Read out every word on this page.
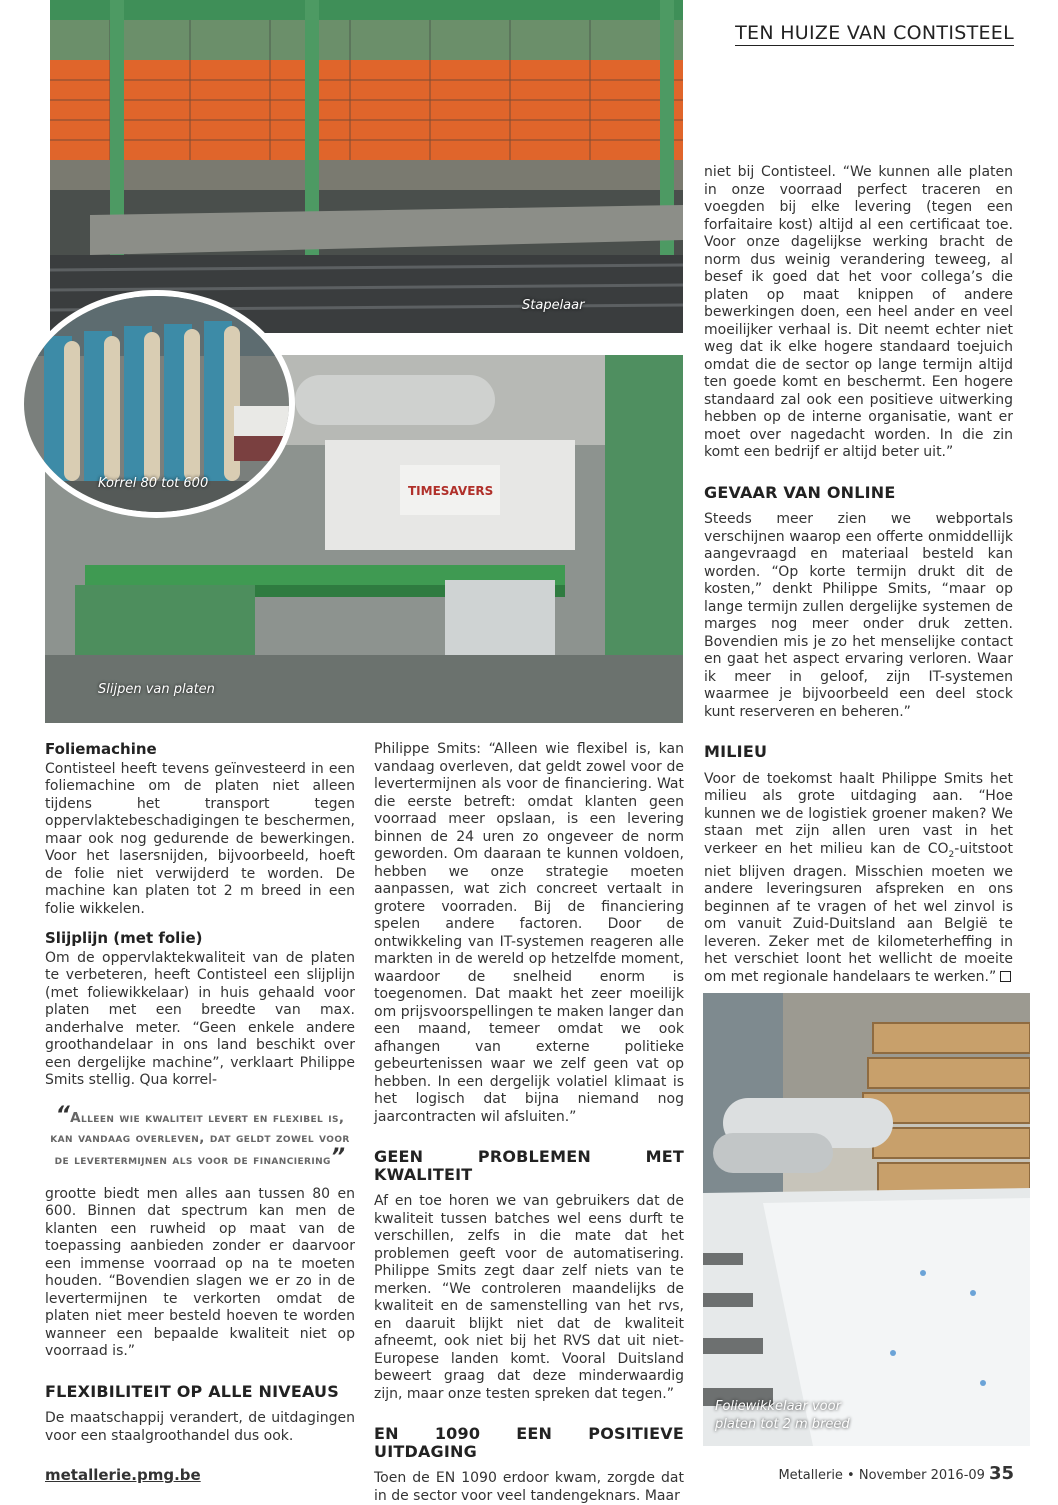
TEN HUIZE VAN CONTISTEEL
Stapelaar
TIMESAVERS
Slijpen van platen
Korrel 80 tot 600
Foliewikkelaar voor
platen tot 2 m breed
Foliemachine

Contisteel heeft tevens geïnvesteerd in een foliemachine om de platen niet alleen tijdens het transport tegen oppervlaktebeschadigingen te beschermen, maar ook nog gedurende de bewerkingen. Voor het lasersnijden, bijvoorbeeld, hoeft de folie niet verwijderd te worden. De machine kan platen tot 2 m breed in een folie wikkelen.

Slijplijn (met folie)

Om de oppervlaktekwaliteit van de platen te verbeteren, heeft Contisteel een slijplijn (met foliewikkelaar) in huis gehaald voor platen met een breedte van max. anderhalve meter. “Geen enkele andere groothandelaar in ons land beschikt over een dergelijke machine”, verklaart Philippe Smits stellig. Qua korrel-

“Alleen wie kwaliteit levert en flexibel is, kan vandaag overleven, dat geldt zowel voor de levertermijnen als voor de financiering”

grootte biedt men alles aan tussen 80 en 600. Binnen dat spectrum kan men de klanten een ruwheid op maat van de toepassing aanbieden zonder er daarvoor een immense voorraad op na te moeten houden. “Bovendien slagen we er zo in de levertermijnen te verkorten omdat de platen niet meer besteld hoeven te worden wanneer een bepaalde kwaliteit niet op voorraad is.”

FLEXIBILITEIT OP ALLE NIVEAUS

De maatschappij verandert, de uitdagingen voor een staalgroothandel dus ook.

Philippe Smits: “Alleen wie flexibel is, kan vandaag overleven, dat geldt zowel voor de levertermijnen als voor de financiering. Wat die eerste betreft: omdat klanten geen voorraad meer opslaan, is een levering binnen de 24 uren zo ongeveer de norm geworden. Om daaraan te kunnen voldoen, hebben we onze strategie moeten aanpassen, wat zich concreet vertaalt in grotere voorraden. Bij de financiering spelen andere factoren. Door de ontwikkeling van IT-systemen reageren alle markten in de wereld op hetzelfde moment, waardoor de snelheid enorm is toegenomen. Dat maakt het zeer moeilijk om prijsvoorspellingen te maken langer dan een maand, temeer omdat we ook afhangen van externe politieke gebeurtenissen waar we zelf geen vat op hebben. In een dergelijk volatiel klimaat is het logisch dat bijna niemand nog jaarcontracten wil afsluiten.”

GEEN PROBLEMEN MET KWALITEIT

Af en toe horen we van gebruikers dat de kwaliteit tussen batches wel eens durft te verschillen, zelfs in die mate dat het problemen geeft voor de automatisering. Philippe Smits zegt daar zelf niets van te merken. “We controleren maandelijks de kwaliteit en de samenstelling van het rvs, en daaruit blijkt niet dat de kwaliteit afneemt, ook niet bij het RVS dat uit niet-Europese landen komt. Vooral Duitsland beweert graag dat deze minderwaardig zijn, maar onze testen spreken dat tegen.”

EN 1090 EEN POSITIEVE UITDAGING

Toen de EN 1090 erdoor kwam, zorgde dat in de sector voor veel tandengeknars. Maar

niet bij Contisteel. “We kunnen alle platen in onze voorraad perfect traceren en voegden bij elke levering (tegen een forfaitaire kost) altijd al een certificaat toe. Voor onze dagelijkse werking bracht de norm dus weinig verandering teweeg, al besef ik goed dat het voor collega’s die platen op maat knippen of andere bewerkingen doen, een heel ander en veel moeilijker verhaal is. Dit neemt echter niet weg dat ik elke hogere standaard toejuich omdat die de sector op lange termijn altijd ten goede komt en beschermt. Een hogere standaard zal ook een positieve uitwerking hebben op de interne organisatie, want er moet over nagedacht worden. In die zin komt een bedrijf er altijd beter uit.”

GEVAAR VAN ONLINE

Steeds meer zien we webportals verschijnen waarop een offerte onmiddellijk aangevraagd en materiaal besteld kan worden. “Op korte termijn drukt dit de kosten,” denkt Philippe Smits, “maar op lange termijn zullen dergelijke systemen de marges nog meer onder druk zetten. Bovendien mis je zo het menselijke contact en gaat het aspect ervaring verloren. Waar ik meer in geloof, zijn IT-systemen waarmee je bijvoorbeeld een deel stock kunt reserveren en beheren.”

MILIEU

Voor de toekomst haalt Philippe Smits het milieu als grote uitdaging aan. “Hoe kunnen we de logistiek groener maken? We staan met zijn allen uren vast in het verkeer en het milieu kan de $CO_2$-uitstoot niet blijven dragen. Misschien moeten we andere leveringsuren afspreken en ons beginnen af te vragen of het wel zinvol is om vanuit Zuid-Duitsland aan België te leveren. Zeker met de kilometerheffing in het verschiet loont het wellicht de moeite om met regionale handelaars te werken.”

metallerie.pmg.be	Metallerie • November 2016-09 35
